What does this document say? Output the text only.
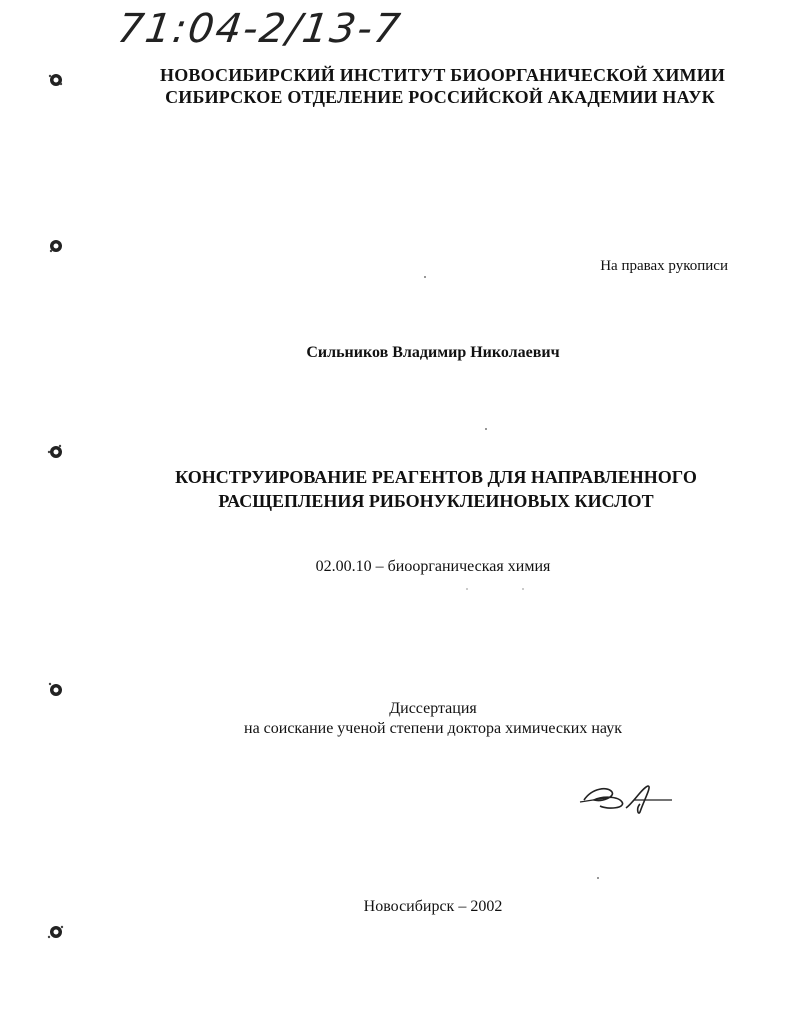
71:04-2/13-7
НОВОСИБИРСКИЙ ИНСТИТУТ БИООРГАНИЧЕСКОЙ ХИМИИ
СИБИРСКОЕ ОТДЕЛЕНИЕ РОССИЙСКОЙ АКАДЕМИИ НАУК
На правах рукописи
Сильников Владимир Николаевич
КОНСТРУИРОВАНИЕ РЕАГЕНТОВ ДЛЯ НАПРАВЛЕННОГО
РАСЩЕПЛЕНИЯ РИБОНУКЛЕИНОВЫХ КИСЛОТ
02.00.10 – биоорганическая химия
Диссертация
на соискание ученой степени доктора химических наук
Новосибирск – 2002
